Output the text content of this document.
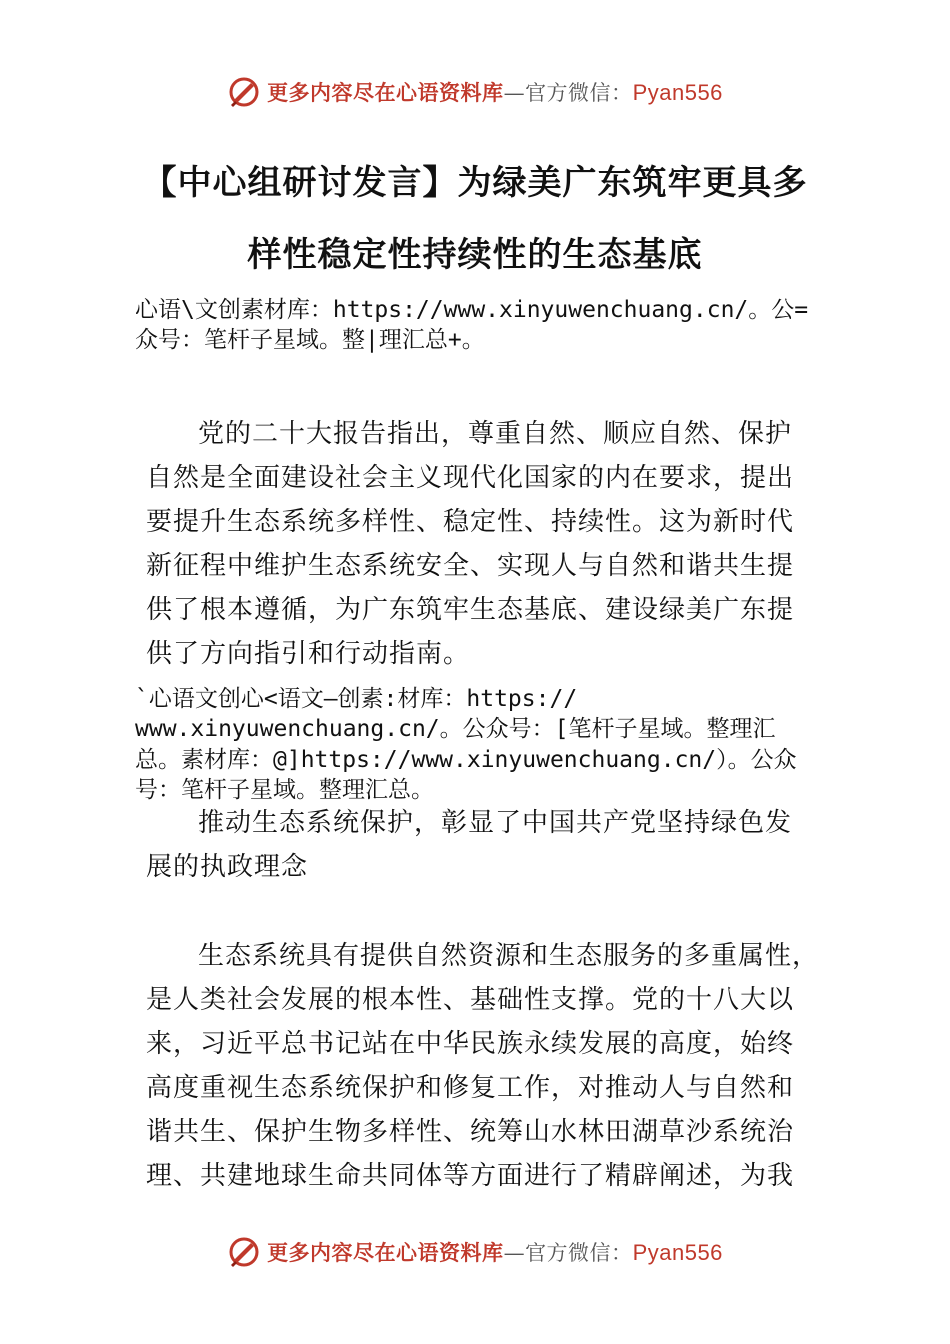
更多内容尽在心语资料库—官方微信：Pyan556
【中心组研讨发言】为绿美广东筑牢更具多
样性稳定性持续性的生态基底
心语\文创素材库：https://www.xinyuwenchuang.cn/。公=
众号：笔杆子星域。整|理汇总+。
党的二十大报告指出，尊重自然、顺应自然、保护
自然是全面建设社会主义现代化国家的内在要求，提出
要提升生态系统多样性、稳定性、持续性。这为新时代
新征程中维护生态系统安全、实现人与自然和谐共生提
供了根本遵循，为广东筑牢生态基底、建设绿美广东提
供了方向指引和行动指南。
`心语文创心<语文—创素:材库：https://
www.xinyuwenchuang.cn/。公众号：[笔杆子星域。整理汇
总。素材库：@]https://www.xinyuwenchuang.cn/）。公众
号：笔杆子星域。整理汇总。
推动生态系统保护，彰显了中国共产党坚持绿色发
展的执政理念
生态系统具有提供自然资源和生态服务的多重属性，
是人类社会发展的根本性、基础性支撑。党的十八大以
来，习近平总书记站在中华民族永续发展的高度，始终
高度重视生态系统保护和修复工作，对推动人与自然和
谐共生、保护生物多样性、统筹山水林田湖草沙系统治
理、共建地球生命共同体等方面进行了精辟阐述，为我
更多内容尽在心语资料库—官方微信：Pyan556
